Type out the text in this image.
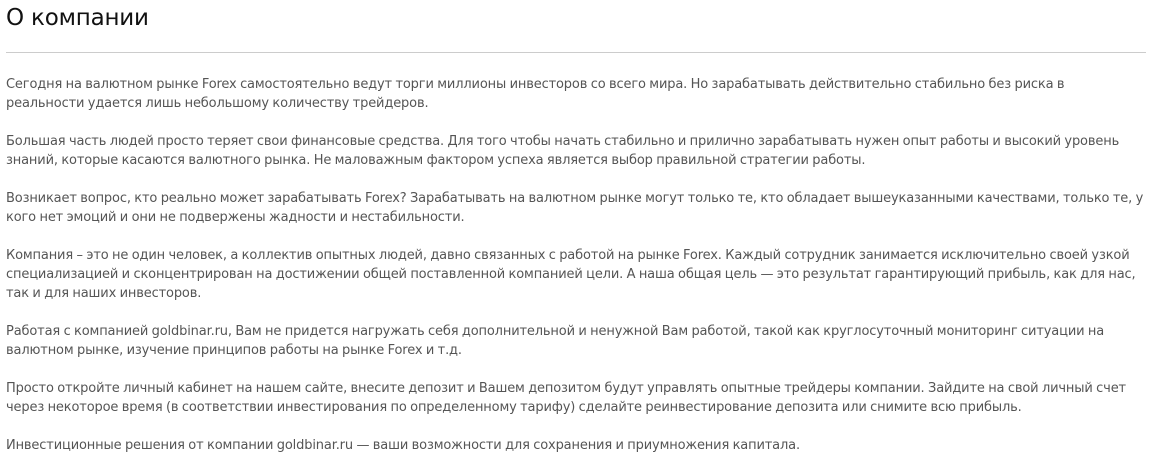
О компании

Сегодня на валютном рынке Forex самостоятельно ведут торги миллионы инвесторов со всего мира. Но зарабатывать действительно стабильно без риска в реальности удается лишь небольшому количеству трейдеров.

Большая часть людей просто теряет свои финансовые средства. Для того чтобы начать стабильно и прилично зарабатывать нужен опыт работы и высокий уровень знаний, которые касаются валютного рынка. Не маловажным фактором успеха является выбор правильной стратегии работы.

Возникает вопрос, кто реально может зарабатывать Forex? Зарабатывать на валютном рынке могут только те, кто обладает вышеуказанными качествами, только те, у кого нет эмоций и они не подвержены жадности и нестабильности.

Компания – это не один человек, а коллектив опытных людей, давно связанных с работой на рынке Forex. Каждый сотрудник занимается исключительно своей узкой специализацией и сконцентрирован на достижении общей поставленной компанией цели. А наша общая цель — это результат гарантирующий прибыль, как для нас, так и для наших инвесторов.

Работая с компанией goldbinar.ru, Вам не придется нагружать себя дополнительной и ненужной Вам работой, такой как круглосуточный мониторинг ситуации на валютном рынке, изучение принципов работы на рынке Forex и т.д.

Просто откройте личный кабинет на нашем сайте, внесите депозит и Вашем депозитом будут управлять опытные трейдеры компании. Зайдите на свой личный счет через некоторое время (в соответствии инвестирования по определенному тарифу) сделайте реинвестирование депозита или снимите всю прибыль.

Инвестиционные решения от компании goldbinar.ru — ваши возможности для сохранения и приумножения капитала.
